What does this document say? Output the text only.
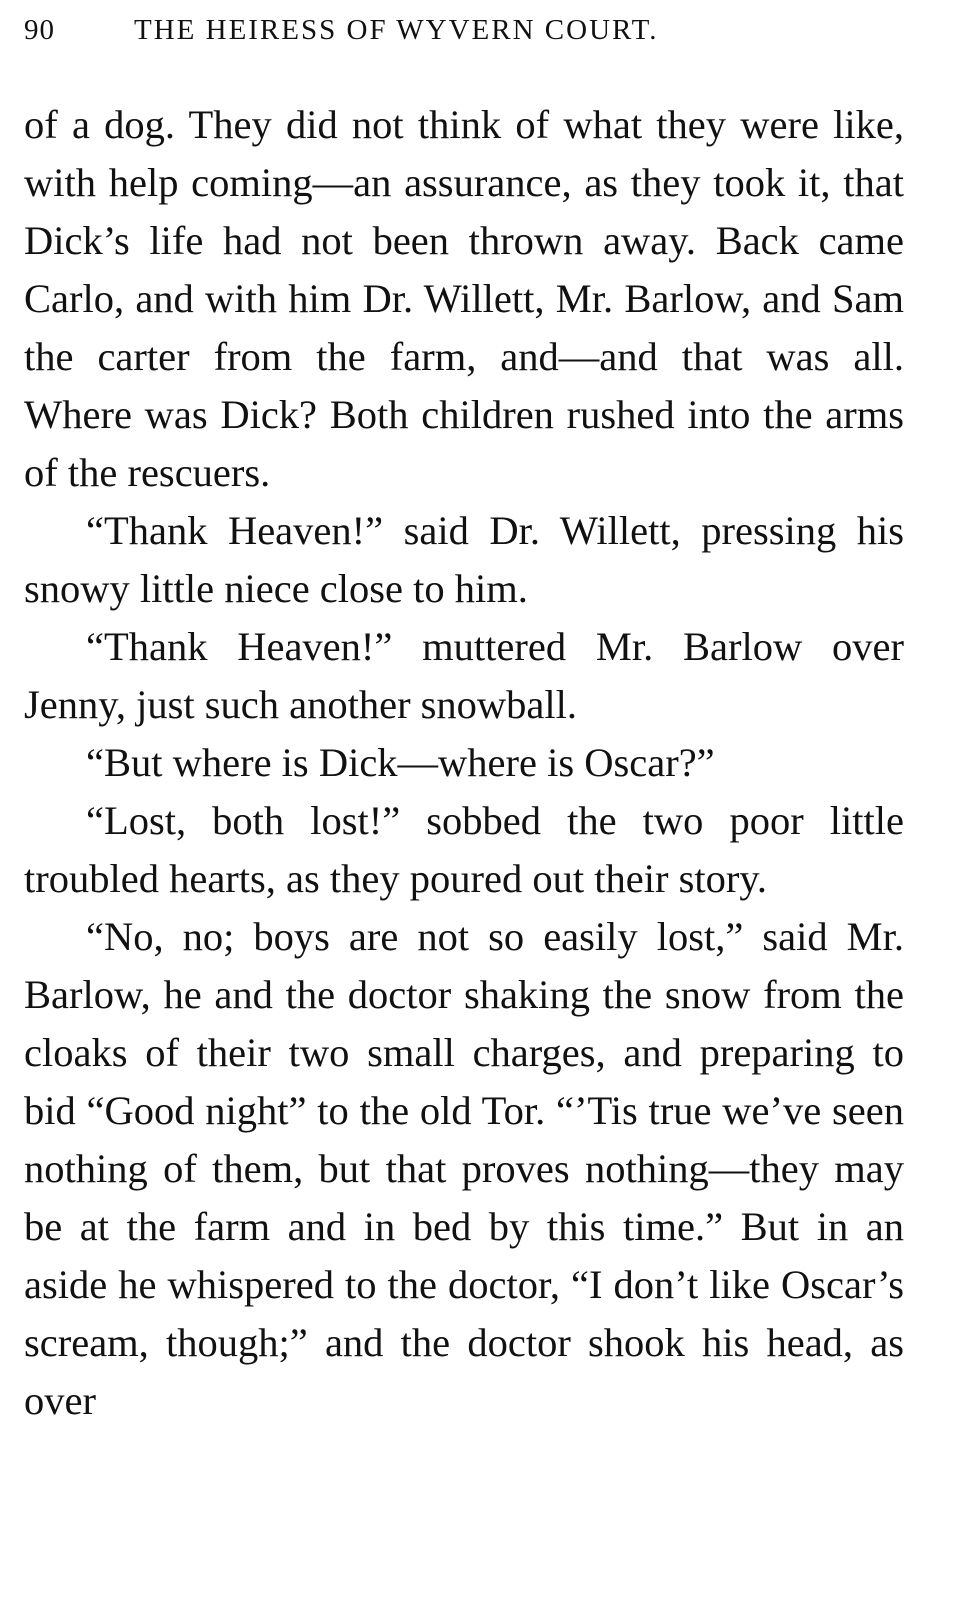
90	THE HEIRESS OF WYVERN COURT.

of a dog. They did not think of what they were like, with help coming—an assurance, as they took it, that Dick’s life had not been thrown away. Back came Carlo, and with him Dr. Willett, Mr. Barlow, and Sam the carter from the farm, and—and that was all. Where was Dick? Both children rushed into the arms of the rescuers.

“Thank Heaven!” said Dr. Willett, pressing his snowy little niece close to him.

“Thank Heaven!” muttered Mr. Barlow over Jenny, just such another snowball.

“But where is Dick—where is Oscar?”

“Lost, both lost!” sobbed the two poor little troubled hearts, as they poured out their story.

“No, no; boys are not so easily lost,” said Mr. Barlow, he and the doctor shaking the snow from the cloaks of their two small charges, and preparing to bid “Good night” to the old Tor. “’Tis true we’ve seen nothing of them, but that proves nothing—they may be at the farm and in bed by this time.” But in an aside he whispered to the doctor, “I don’t like Oscar’s scream, though;” and the doctor shook his head, as over
